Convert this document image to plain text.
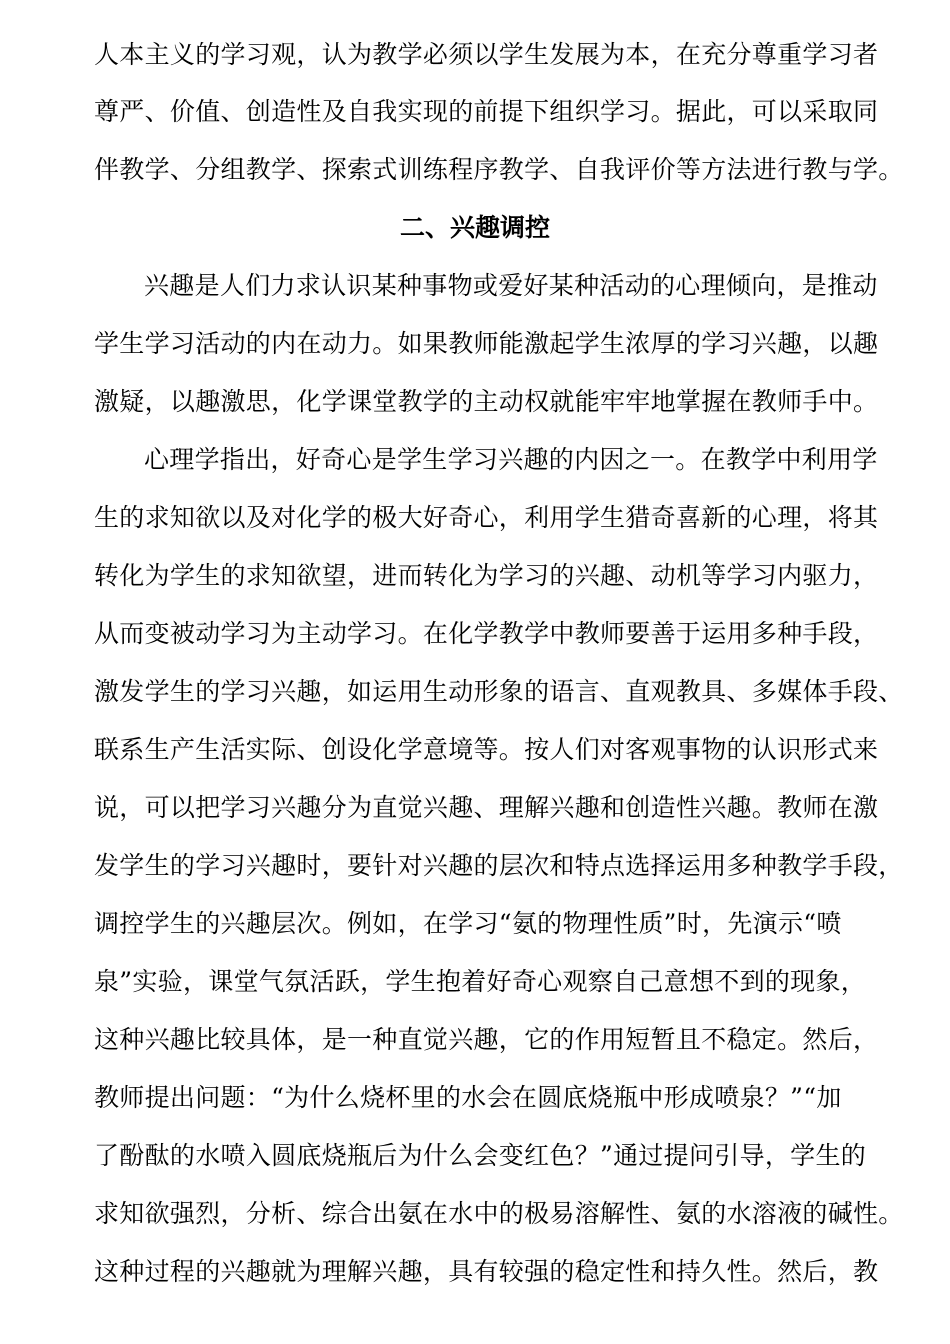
人本主义的学习观，认为教学必须以学生发展为本，在充分尊重学习者
尊严、价值、创造性及自我实现的前提下组织学习。据此，可以采取同
伴教学、分组教学、探索式训练程序教学、自我评价等方法进行教与学。
二、兴趣调控
兴趣是人们力求认识某种事物或爱好某种活动的心理倾向，是推动
学生学习活动的内在动力。如果教师能激起学生浓厚的学习兴趣，以趣
激疑，以趣激思，化学课堂教学的主动权就能牢牢地掌握在教师手中。
心理学指出，好奇心是学生学习兴趣的内因之一。在教学中利用学
生的求知欲以及对化学的极大好奇心，利用学生猎奇喜新的心理，将其
转化为学生的求知欲望，进而转化为学习的兴趣、动机等学习内驱力，
从而变被动学习为主动学习。在化学教学中教师要善于运用多种手段，
激发学生的学习兴趣，如运用生动形象的语言、直观教具、多媒体手段、
联系生产生活实际、创设化学意境等。按人们对客观事物的认识形式来
说，可以把学习兴趣分为直觉兴趣、理解兴趣和创造性兴趣。教师在激
发学生的学习兴趣时，要针对兴趣的层次和特点选择运用多种教学手段，
调控学生的兴趣层次。例如，在学习“氨的物理性质”时，先演示“喷
泉”实验，课堂气氛活跃，学生抱着好奇心观察自己意想不到的现象，
这种兴趣比较具体，是一种直觉兴趣，它的作用短暂且不稳定。然后，
教师提出问题：“为什么烧杯里的水会在圆底烧瓶中形成喷泉？”“加
了酚酞的水喷入圆底烧瓶后为什么会变红色？”通过提问引导，学生的
求知欲强烈，分析、综合出氨在水中的极易溶解性、氨的水溶液的碱性。
这种过程的兴趣就为理解兴趣，具有较强的稳定性和持久性。然后，教
